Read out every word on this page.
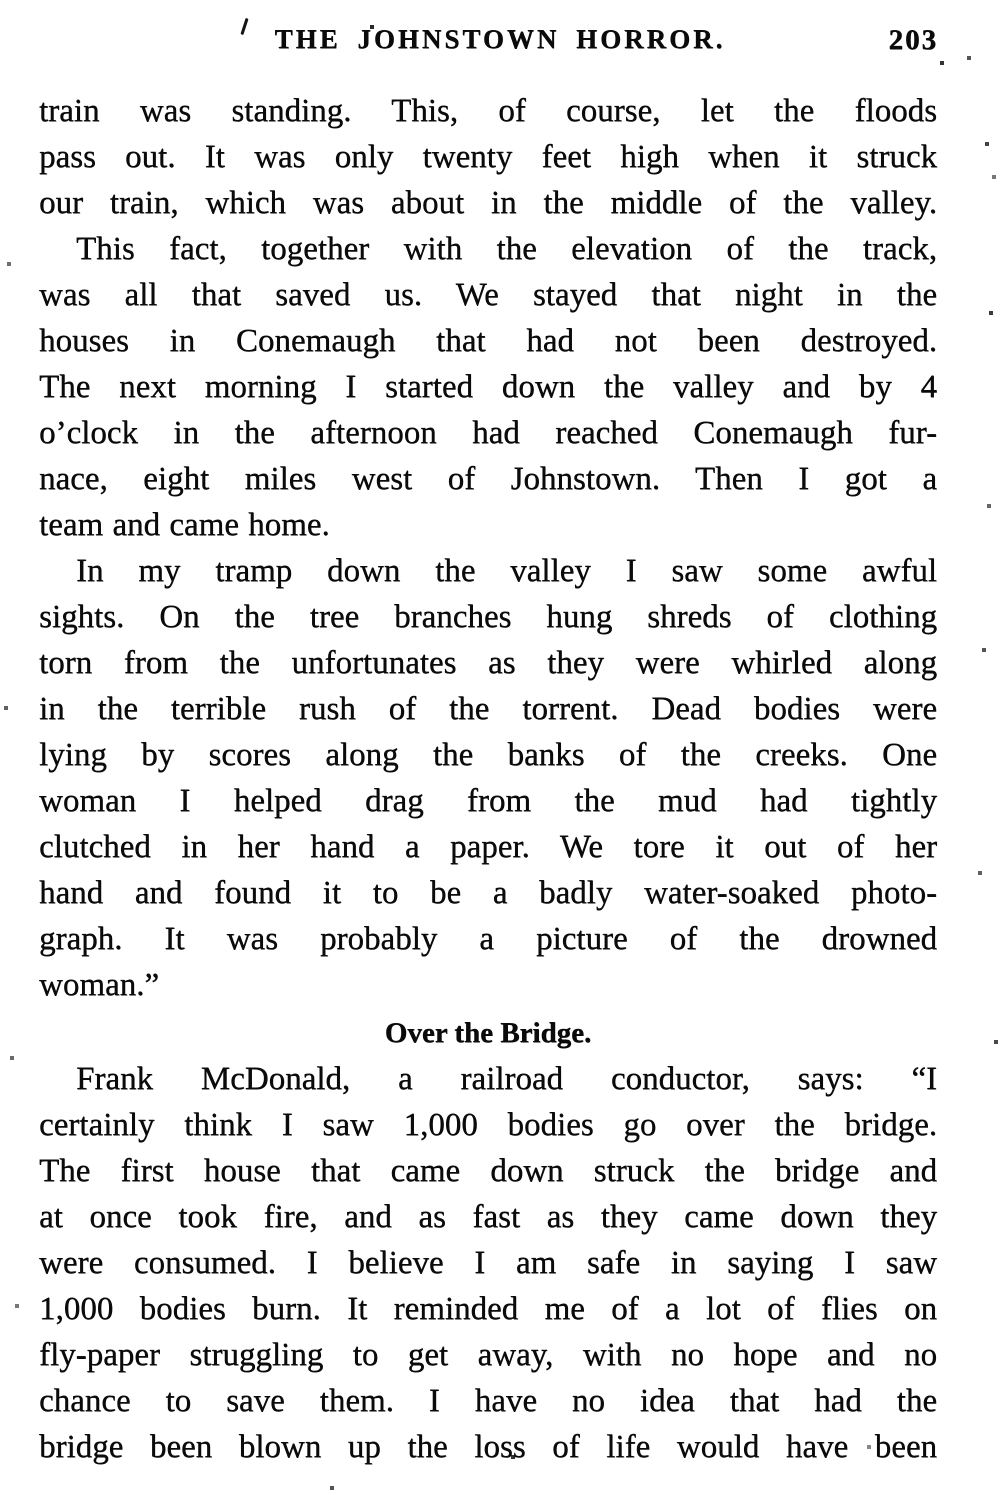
THE JOHNSTOWN HORROR.	203
train was standing. This, of course, let the floods
pass out. It was only twenty feet high when it struck
our train, which was about in the middle of the valley.
This fact, together with the elevation of the track,
was all that saved us. We stayed that night in the
houses in Conemaugh that had not been destroyed.
The next morning I started down the valley and by 4
o’clock in the afternoon had reached Conemaugh fur-
nace, eight miles west of Johnstown. Then I got a
team and came home.
In my tramp down the valley I saw some awful
sights. On the tree branches hung shreds of clothing
torn from the unfortunates as they were whirled along
in the terrible rush of the torrent. Dead bodies were
lying by scores along the banks of the creeks. One
woman I helped drag from the mud had tightly
clutched in her hand a paper. We tore it out of her
hand and found it to be a badly water-soaked photo-
graph. It was probably a picture of the drowned
woman.”
Over the Bridge.
Frank McDonald, a railroad conductor, says: “I
certainly think I saw 1,000 bodies go over the bridge.
The first house that came down struck the bridge and
at once took fire, and as fast as they came down they
were consumed. I believe I am safe in saying I saw
1,000 bodies burn. It reminded me of a lot of flies on
fly-paper struggling to get away, with no hope and no
chance to save them. I have no idea that had the
bridge been blown up the loss of life would have been
